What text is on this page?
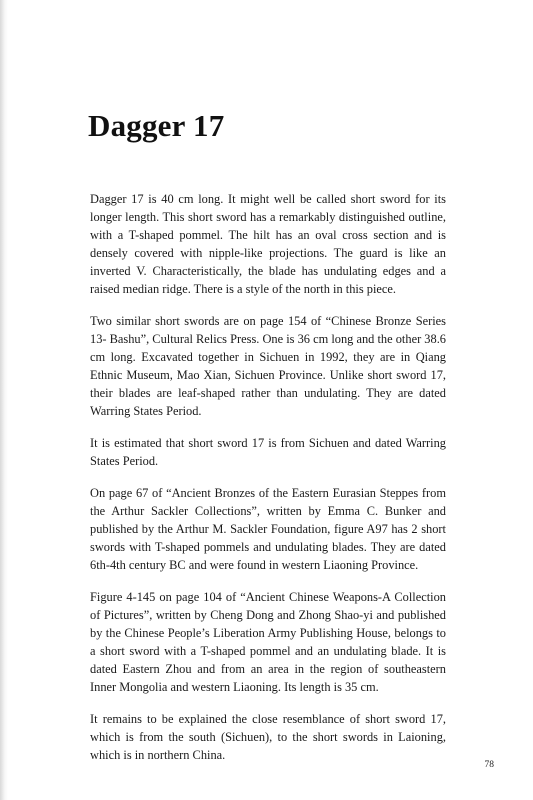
Dagger 17

Dagger 17 is 40 cm long. It might well be called short sword for its longer length. This short sword has a remarkably distinguished outline, with a T-shaped pommel. The hilt has an oval cross section and is densely covered with nipple-like projections. The guard is like an inverted V. Characteristically, the blade has undulating edges and a raised median ridge. There is a style of the north in this piece.

Two similar short swords are on page 154 of “Chinese Bronze Series 13- Bashu”, Cultural Relics Press. One is 36 cm long and the other 38.6 cm long. Excavated together in Sichuen in 1992, they are in Qiang Ethnic Museum, Mao Xian, Sichuen Province. Unlike short sword 17, their blades are leaf-shaped rather than undulating. They are dated Warring States Period.

It is estimated that short sword 17 is from Sichuen and dated Warring States Period.

On page 67 of “Ancient Bronzes of the Eastern Eurasian Steppes from the Arthur Sackler Collections”, written by Emma C. Bunker and published by the Arthur M. Sackler Foundation, figure A97 has 2 short swords with T-shaped pommels and undulating blades. They are dated 6th-4th century BC and were found in western Liaoning Province.

Figure 4-145 on page 104 of “Ancient Chinese Weapons-A Collection of Pictures”, written by Cheng Dong and Zhong Shao-yi and published by the Chinese People’s Liberation Army Publishing House, belongs to a short sword with a T-shaped pommel and an undulating blade. It is dated Eastern Zhou and from an area in the region of southeastern Inner Mongolia and western Liaoning. Its length is 35 cm.

It remains to be explained the close resemblance of short sword 17, which is from the south (Sichuen), to the short swords in Laioning, which is in northern China.

78
